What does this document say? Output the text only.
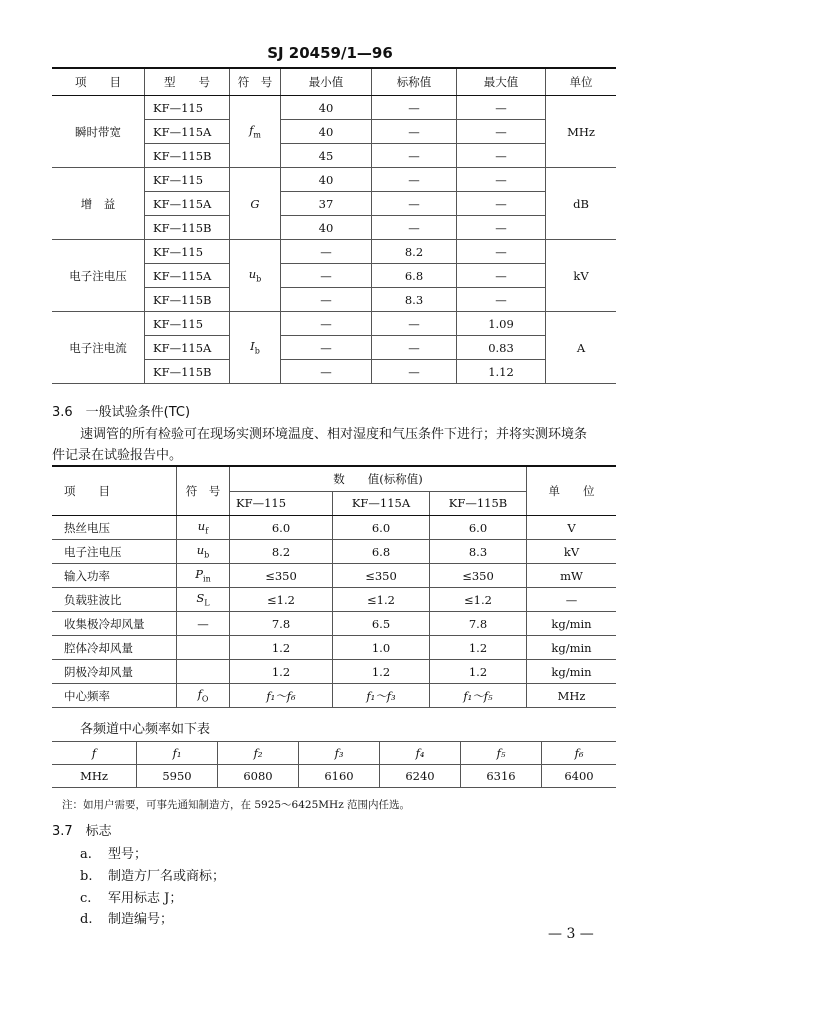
SJ 20459/1—96
项　　目	型　　号	符　号	最小值	标称值	最大值	单位
瞬时带宽	KF—115	$f_m$	40	—	—	MHz
	KF—115A		40	—	—	
	KF—115B		45	—	—	
增　益	KF—115	G	40	—	—	dB
	KF—115A		37	—	—	
	KF—115B		40	—	—	
电子注电压	KF—115	$u_b$	—	8.2	—	kV
	KF—115A		—	6.8	—	
	KF—115B		—	8.3	—	
电子注电流	KF—115	$I_b$	—	—	1.09	A
	KF—115A		—	—	0.83	
	KF—115B		—	—	1.12	
3.6　一般试验条件(TC)
速调管的所有检验可在现场实测环境温度、相对湿度和气压条件下进行；并将实测环境条
件记录在试验报告中。
项　　目	符　号	数　　值(标称值)			单　　位
		KF—115	KF—115A	KF—115B	
热丝电压	$u_f$	6.0	6.0	6.0	V
电子注电压	$u_b$	8.2	6.8	8.3	kV
输入功率	$P_{in}$	≤350	≤350	≤350	mW
负载驻波比	$S_L$	≤1.2	≤1.2	≤1.2	—
收集极冷却风量	—	7.8	6.5	7.8	kg/min
腔体冷却风量		1.2	1.0	1.2	kg/min
阴极冷却风量		1.2	1.2	1.2	kg/min
中心频率	$f_O$	f₁～f₆	f₁～f₃	f₁～f₅	MHz
各频道中心频率如下表
f	f₁	f₂	f₃	f₄	f₅	f₆
MHz	5950	6080	6160	6240	6316	6400
注：如用户需要，可事先通知制造方，在 5925～6425MHz 范围内任选。
3.7　标志
a. 型号；
b. 制造方厂名或商标；
c. 军用标志 J；
d. 制造编号；
— 3 —
